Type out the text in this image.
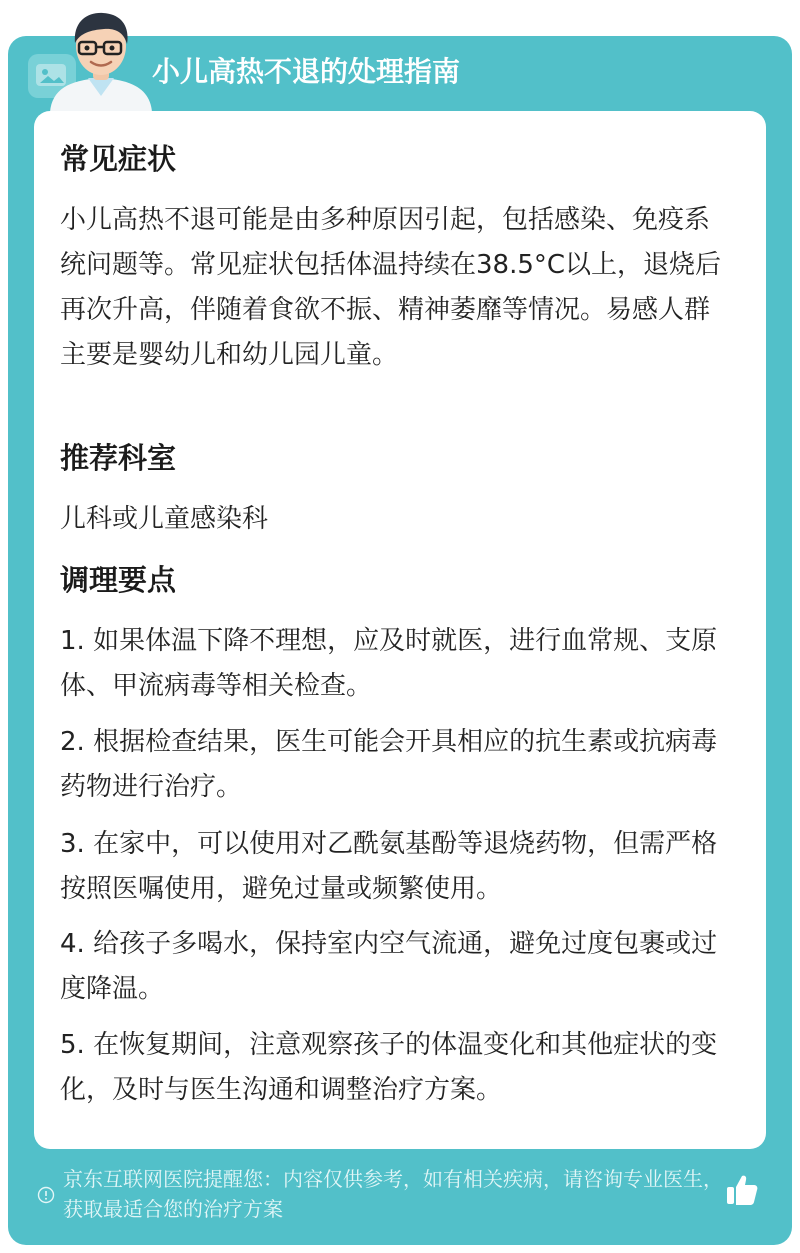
小儿高热不退的处理指南
常见症状
小儿高热不退可能是由多种原因引起，包括感染、免疫系统问题等。常见症状包括体温持续在38.5°C以上，退烧后再次升高，伴随着食欲不振、精神萎靡等情况。易感人群主要是婴幼儿和幼儿园儿童。
推荐科室
儿科或儿童感染科
调理要点
1. 如果体温下降不理想，应及时就医，进行血常规、支原体、甲流病毒等相关检查。
2. 根据检查结果，医生可能会开具相应的抗生素或抗病毒药物进行治疗。
3. 在家中，可以使用对乙酰氨基酚等退烧药物，但需严格按照医嘱使用，避免过量或频繁使用。
4. 给孩子多喝水，保持室内空气流通，避免过度包裹或过度降温。
5. 在恢复期间，注意观察孩子的体温变化和其他症状的变化，及时与医生沟通和调整治疗方案。
京东互联网医院提醒您：内容仅供参考，如有相关疾病，请咨询专业医生，获取最适合您的治疗方案
